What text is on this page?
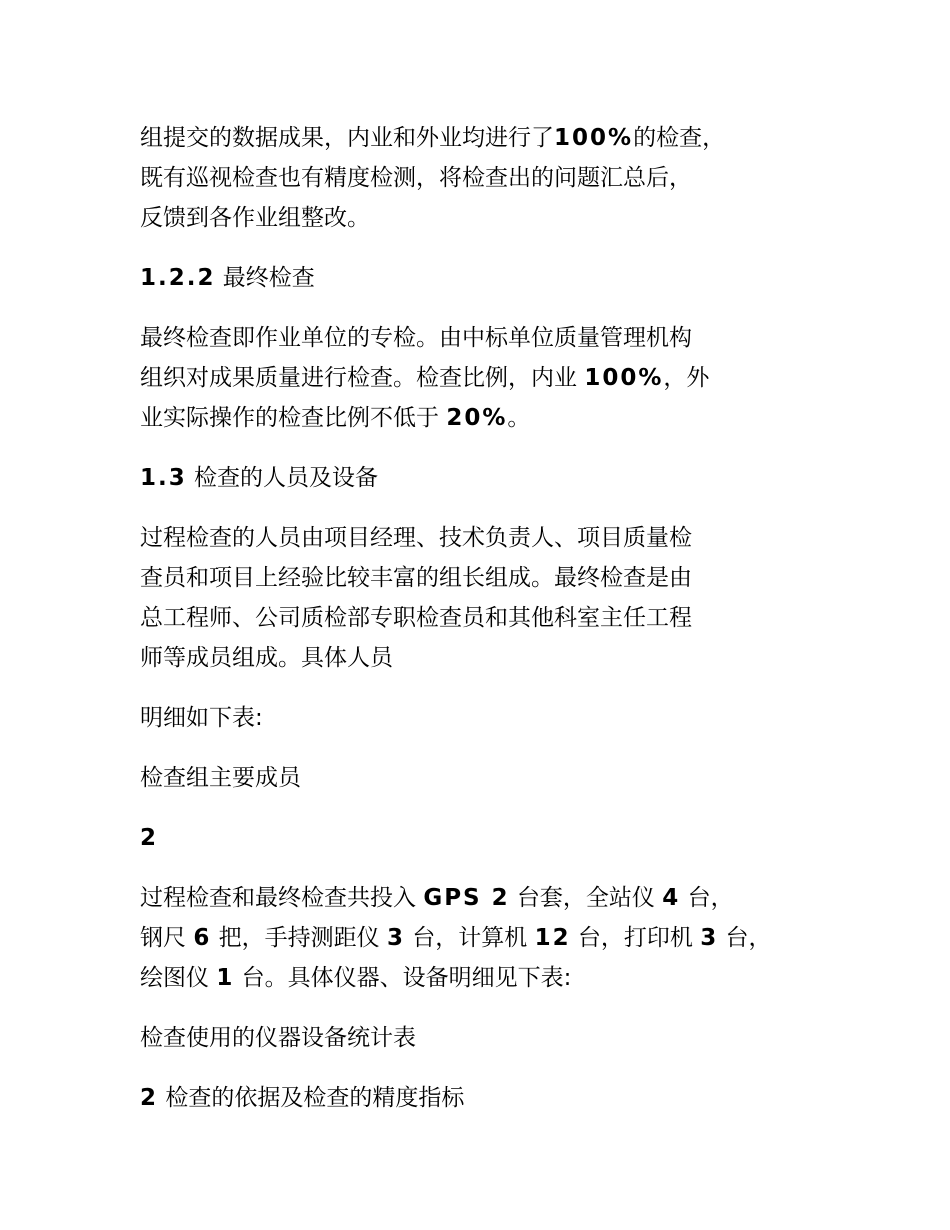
组提交的数据成果，内业和外业均进行了100%的检查，
既有巡视检查也有精度检测，将检查出的问题汇总后，
反馈到各作业组整改。

1.2.2 最终检查

最终检查即作业单位的专检。由中标单位质量管理机构
组织对成果质量进行检查。检查比例，内业 100%，外
业实际操作的检查比例不低于 20%。

1.3 检查的人员及设备

过程检查的人员由项目经理、技术负责人、项目质量检
查员和项目上经验比较丰富的组长组成。最终检查是由
总工程师、公司质检部专职检查员和其他科室主任工程
师等成员组成。具体人员

明细如下表:

检查组主要成员

2

过程检查和最终检查共投入 GPS 2 台套，全站仪 4 台，
钢尺 6 把，手持测距仪 3 台，计算机 12 台，打印机 3 台，
绘图仪 1 台。具体仪器、设备明细见下表:

检查使用的仪器设备统计表

2 检查的依据及检查的精度指标
